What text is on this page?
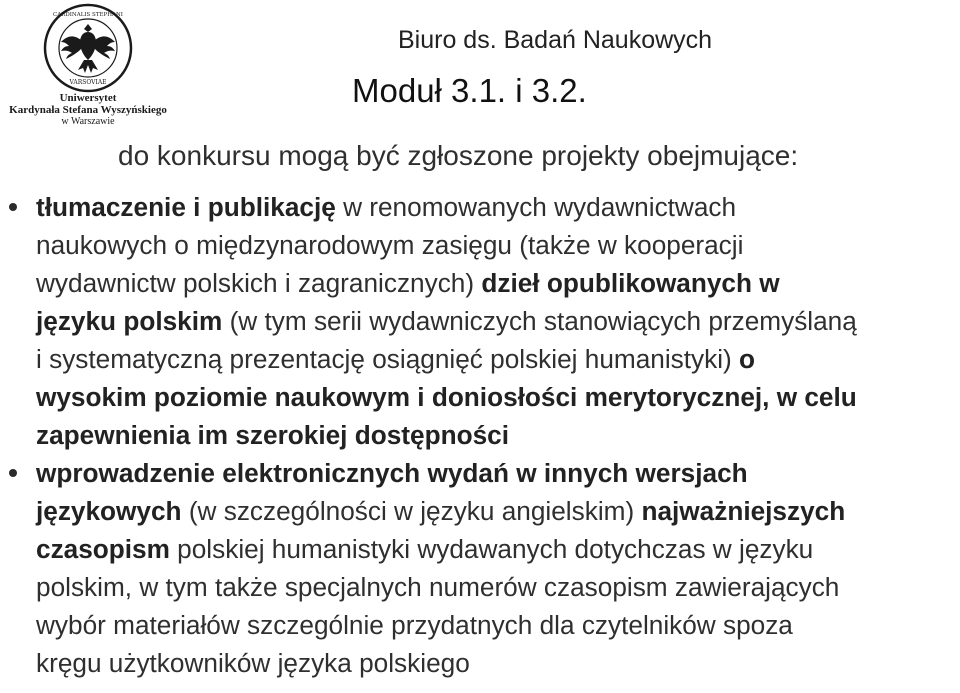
VARSOVIAE
CARDINALIS STEPHANI
Uniwersytet
Kardynała Stefana Wyszyńskiego
w Warszawie
Biuro ds. Badań Naukowych
Moduł 3.1. i 3.2.
do konkursu mogą być zgłoszone projekty obejmujące:

tłumaczenie i publikację w renomowanych wydawnictwach

naukowych o międzynarodowym zasięgu (także w kooperacji

wydawnictw polskich i zagranicznych) dzieł opublikowanych w

języku polskim (w tym serii wydawniczych stanowiących przemyślaną

i systematyczną prezentację osiągnięć polskiej humanistyki) o

wysokim poziomie naukowym i doniosłości merytorycznej, w celu

zapewnienia im szerokiej dostępności

wprowadzenie elektronicznych wydań w innych wersjach

językowych (w szczególności w języku angielskim) najważniejszych

czasopism polskiej humanistyki wydawanych dotychczas w języku

polskim, w tym także specjalnych numerów czasopism zawierających

wybór materiałów szczególnie przydatnych dla czytelników spoza

kręgu użytkowników języka polskiego
